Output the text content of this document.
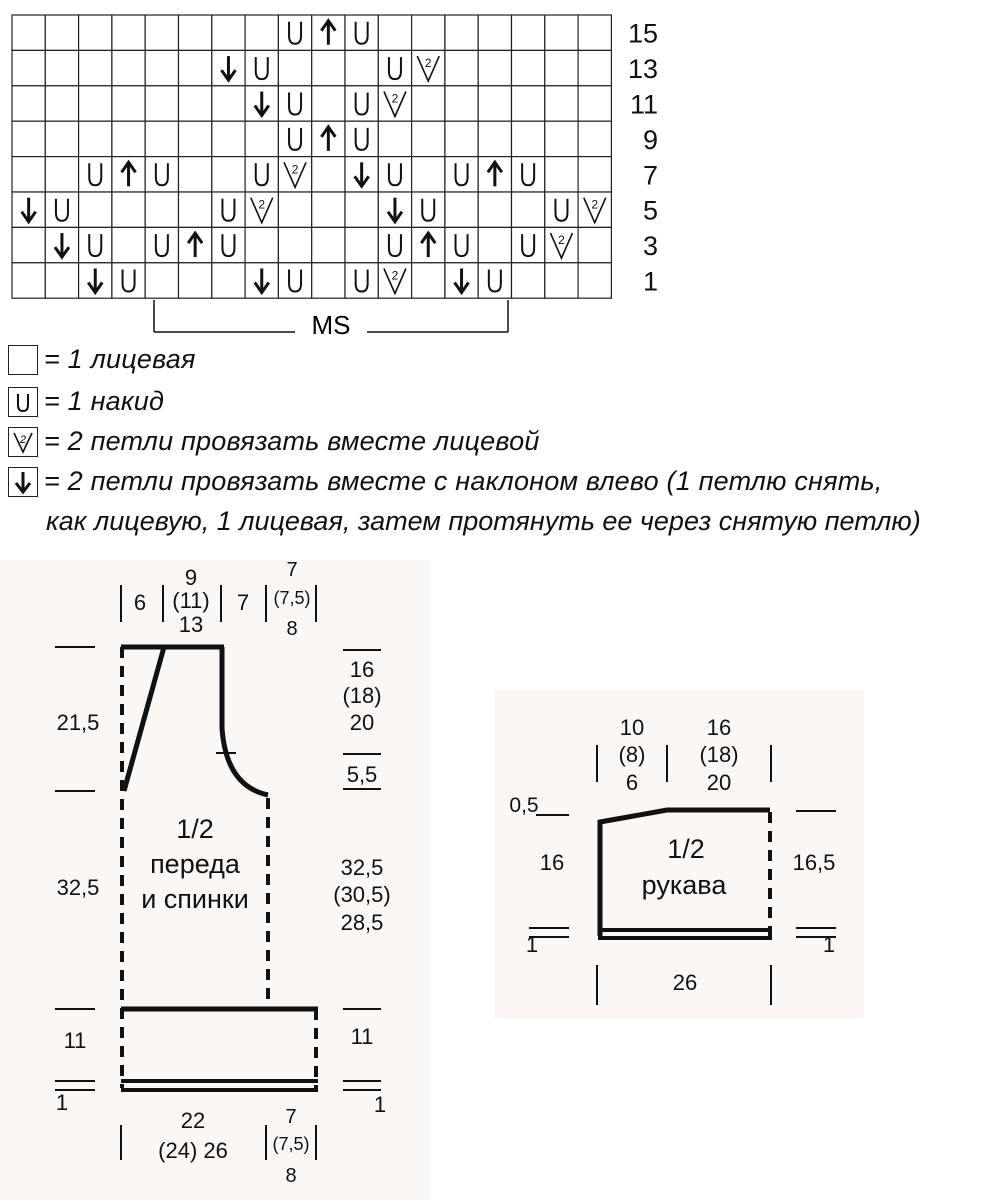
2
2
2
2	2
2
2
15
13
11
9
7
5
3
1
MS
= 1 лицевая
= 1 накид
2 = 2 петли провязать вместе лицевой
= 2 петли провязать вместе с наклоном влево (1 петлю снять,
как лицевую, 1 лицевая, затем протянуть ее через снятую петлю)
9
(11)
13
6	7
7
(7,5)
8
21,5
32,5
11
1
16
(18)
20
5,5
32,5
(30,5)
28,5
11
1
22
(24) 26
7
(7,5)
8
1/2
переда
и спинки
10
(8)
6
16
(18)
20
0,5
16
1
16,5
1
26
1/2
рукава
